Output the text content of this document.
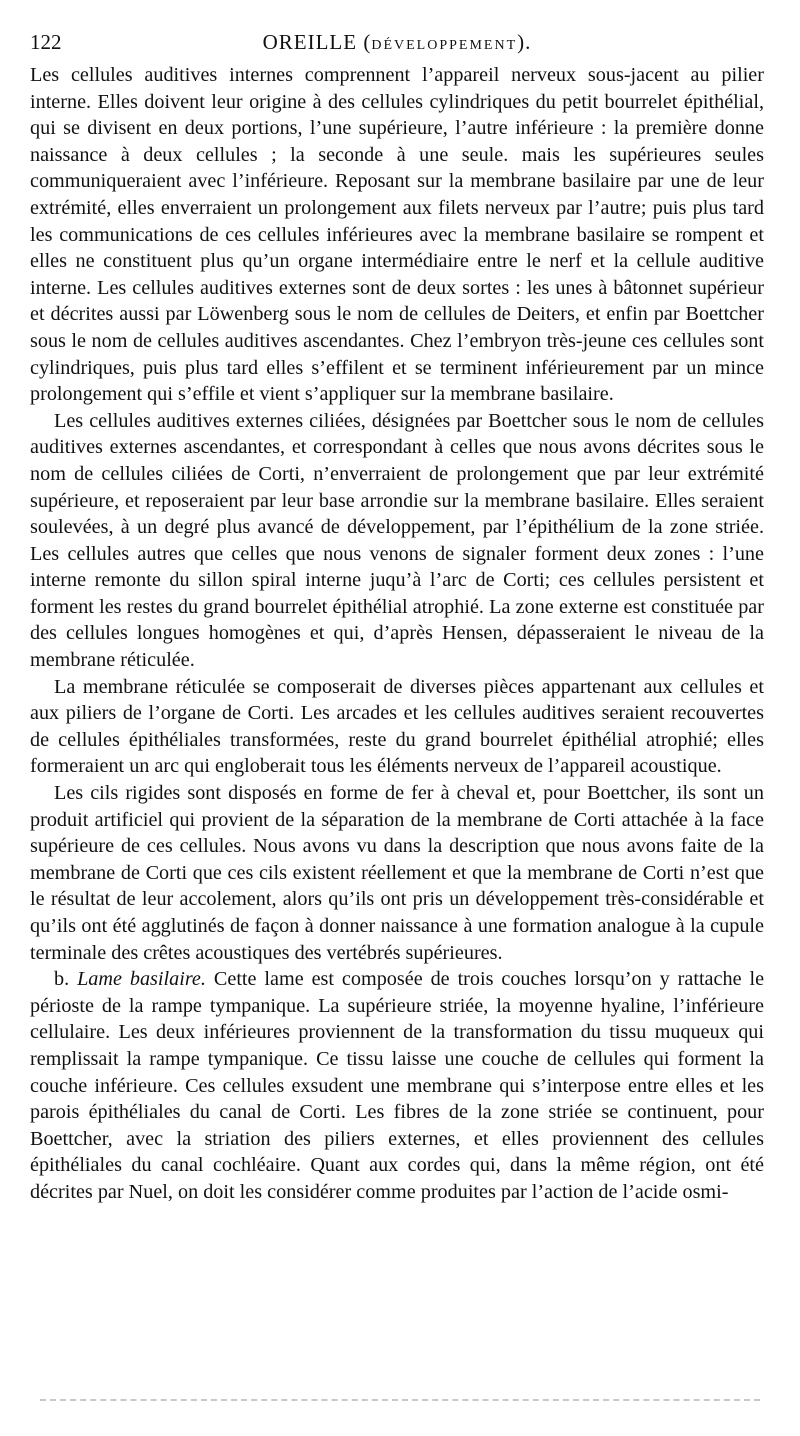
122	OREILLE (DÉVELOPPEMENT).

Les cellules auditives internes comprennent l’appareil nerveux sous-jacent au pilier interne. Elles doivent leur origine à des cellules cylindriques du petit bourrelet épithélial, qui se divisent en deux portions, l’une supérieure, l’autre inférieure : la première donne naissance à deux cellules ; la seconde à une seule. mais les supérieures seules communiqueraient avec l’inférieure. Reposant sur la membrane basilaire par une de leur extrémité, elles enverraient un prolongement aux filets nerveux par l’autre; puis plus tard les communications de ces cellules inférieures avec la membrane basilaire se rompent et elles ne constituent plus qu’un organe intermédiaire entre le nerf et la cellule auditive interne. Les cellules auditives externes sont de deux sortes : les unes à bâtonnet supérieur et décrites aussi par Löwenberg sous le nom de cellules de Deiters, et enfin par Boettcher sous le nom de cellules auditives ascendantes. Chez l’embryon très-jeune ces cellules sont cylindriques, puis plus tard elles s’effilent et se terminent inférieurement par un mince prolongement qui s’effile et vient s’appliquer sur la membrane basilaire.

Les cellules auditives externes ciliées, désignées par Boettcher sous le nom de cellules auditives externes ascendantes, et correspondant à celles que nous avons décrites sous le nom de cellules ciliées de Corti, n’enverraient de prolongement que par leur extrémité supérieure, et reposeraient par leur base arrondie sur la membrane basilaire. Elles seraient soulevées, à un degré plus avancé de développement, par l’épithélium de la zone striée. Les cellules autres que celles que nous venons de signaler forment deux zones : l’une interne remonte du sillon spiral interne juqu’à l’arc de Corti; ces cellules persistent et forment les restes du grand bourrelet épithélial atrophié. La zone externe est constituée par des cellules longues homogènes et qui, d’après Hensen, dépasseraient le niveau de la membrane réticulée.

La membrane réticulée se composerait de diverses pièces appartenant aux cellules et aux piliers de l’organe de Corti. Les arcades et les cellules auditives seraient recouvertes de cellules épithéliales transformées, reste du grand bourrelet épithélial atrophié; elles formeraient un arc qui engloberait tous les éléments nerveux de l’appareil acoustique.

Les cils rigides sont disposés en forme de fer à cheval et, pour Boettcher, ils sont un produit artificiel qui provient de la séparation de la membrane de Corti attachée à la face supérieure de ces cellules. Nous avons vu dans la description que nous avons faite de la membrane de Corti que ces cils existent réellement et que la membrane de Corti n’est que le résultat de leur accolement, alors qu’ils ont pris un développement très-considérable et qu’ils ont été agglutinés de façon à donner naissance à une formation analogue à la cupule terminale des crêtes acoustiques des vertébrés supérieures.

b. Lame basilaire. Cette lame est composée de trois couches lorsqu’on y rattache le périoste de la rampe tympanique. La supérieure striée, la moyenne hyaline, l’inférieure cellulaire. Les deux inférieures proviennent de la transformation du tissu muqueux qui remplissait la rampe tympanique. Ce tissu laisse une couche de cellules qui forment la couche inférieure. Ces cellules exsudent une membrane qui s’interpose entre elles et les parois épithéliales du canal de Corti. Les fibres de la zone striée se continuent, pour Boettcher, avec la striation des piliers externes, et elles proviennent des cellules épithéliales du canal cochléaire. Quant aux cordes qui, dans la même région, ont été décrites par Nuel, on doit les considérer comme produites par l’action de l’acide osmi-
